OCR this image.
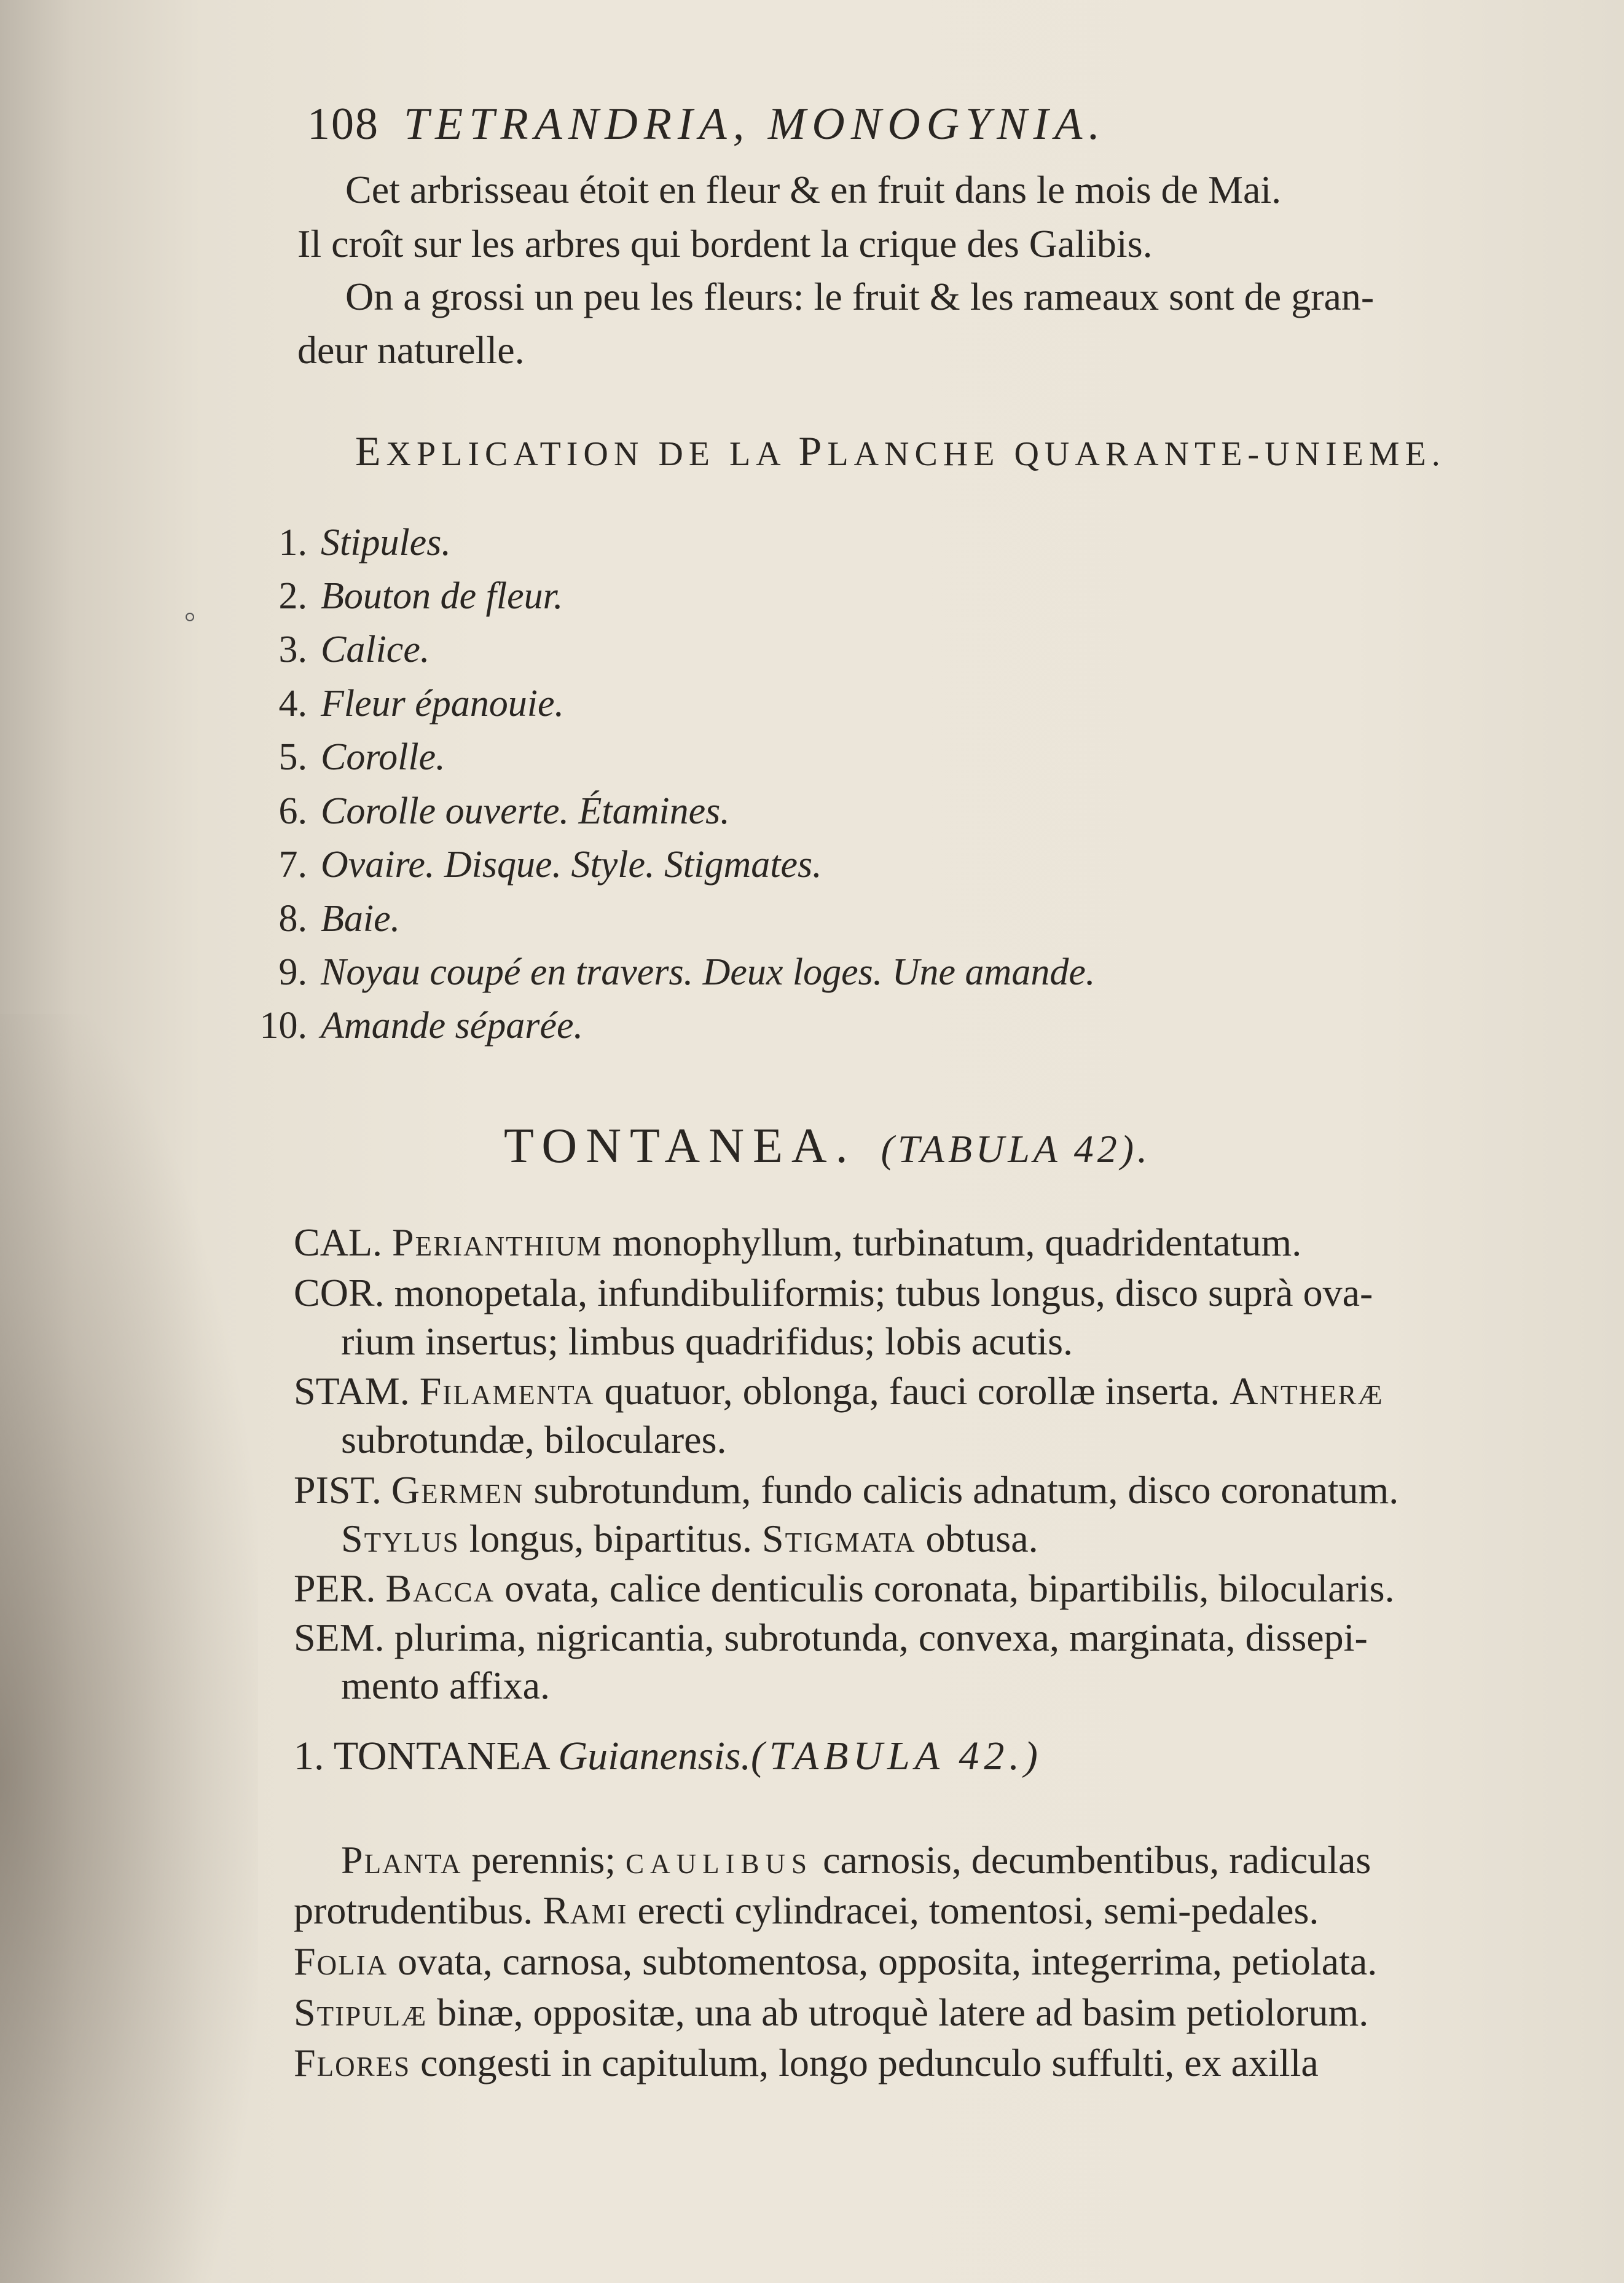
108 TETRANDRIA, MONOGYNIA.
Cet arbrisseau étoit en fleur & en fruit dans le mois de Mai.
Il croît sur les arbres qui bordent la crique des Galibis.
On a grossi un peu les fleurs: le fruit & les rameaux sont de gran-
deur naturelle.
EXPLICATION DE LA PLANCHE QUARANTE-UNIEME.
1. Stipules.
2. Bouton de fleur.
3. Calice.
4. Fleur épanouie.
5. Corolle.
6. Corolle ouverte. Étamines.
7. Ovaire. Disque. Style. Stigmates.
8. Baie.
9. Noyau coupé en travers. Deux loges. Une amande.
10. Amande séparée.
TONTANEA. (TABULA 42).
CAL. Perianthium monophyllum, turbinatum, quadridentatum.
COR. monopetala, infundibuliformis; tubus longus, disco suprà ova-
rium insertus; limbus quadrifidus; lobis acutis.
STAM. Filamenta quatuor, oblonga, fauci corollæ inserta. Antheræ
subrotundæ, biloculares.
PIST. Germen subrotundum, fundo calicis adnatum, disco coronatum.
Stylus longus, bipartitus. Stigmata obtusa.
PER. Bacca ovata, calice denticulis coronata, bipartibilis, bilocularis.
SEM. plurima, nigricantia, subrotunda, convexa, marginata, dissepi-
mento affixa.
1. TONTANEA Guianensis.(TABULA 42.)
Planta perennis; caulibus carnosis, decumbentibus, radiculas
protrudentibus. Rami erecti cylindracei, tomentosi, semi-pedales.
Folia ovata, carnosa, subtomentosa, opposita, integerrima, petiolata.
Stipulæ binæ, oppositæ, una ab utroquè latere ad basim petiolorum.
Flores congesti in capitulum, longo pedunculo suffulti, ex axilla
